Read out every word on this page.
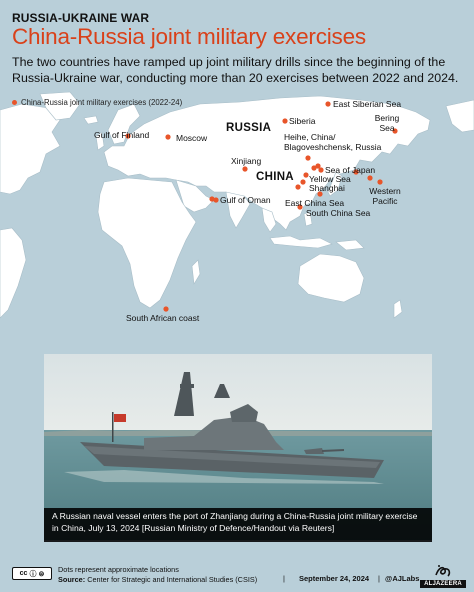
RUSSIA-UKRAINE WAR
China-Russia joint military exercises
The two countries have ramped up joint military drills since the beginning of the Russia-Ukraine war, conducting more than 20 exercises between 2022 and 2024.
China-Russia joint military exercises (2022-24)
RUSSIA
CHINA
East Siberian Sea
Siberia	Bering Sea
Gulf of Finland	Moscow	Heihe, China/ Blagoveshchensk, Russia
Xinjiang
Sea of Japan
Yellow Sea
Shanghai	Western Pacific
Gulf of Oman East China Sea
South China Sea
South African coast
A Russian naval vessel enters the port of Zhanjiang during a China-Russia joint military exercise in China, July 13, 2024 [Russian Ministry of Defence/Handout via Reuters]
cc ⓘ ⊜ Dots represent approximate locations
Source: Center for Strategic and International Studies (CSIS)	| September 24, 2024 | @AJLabs
ALJAZEERA
